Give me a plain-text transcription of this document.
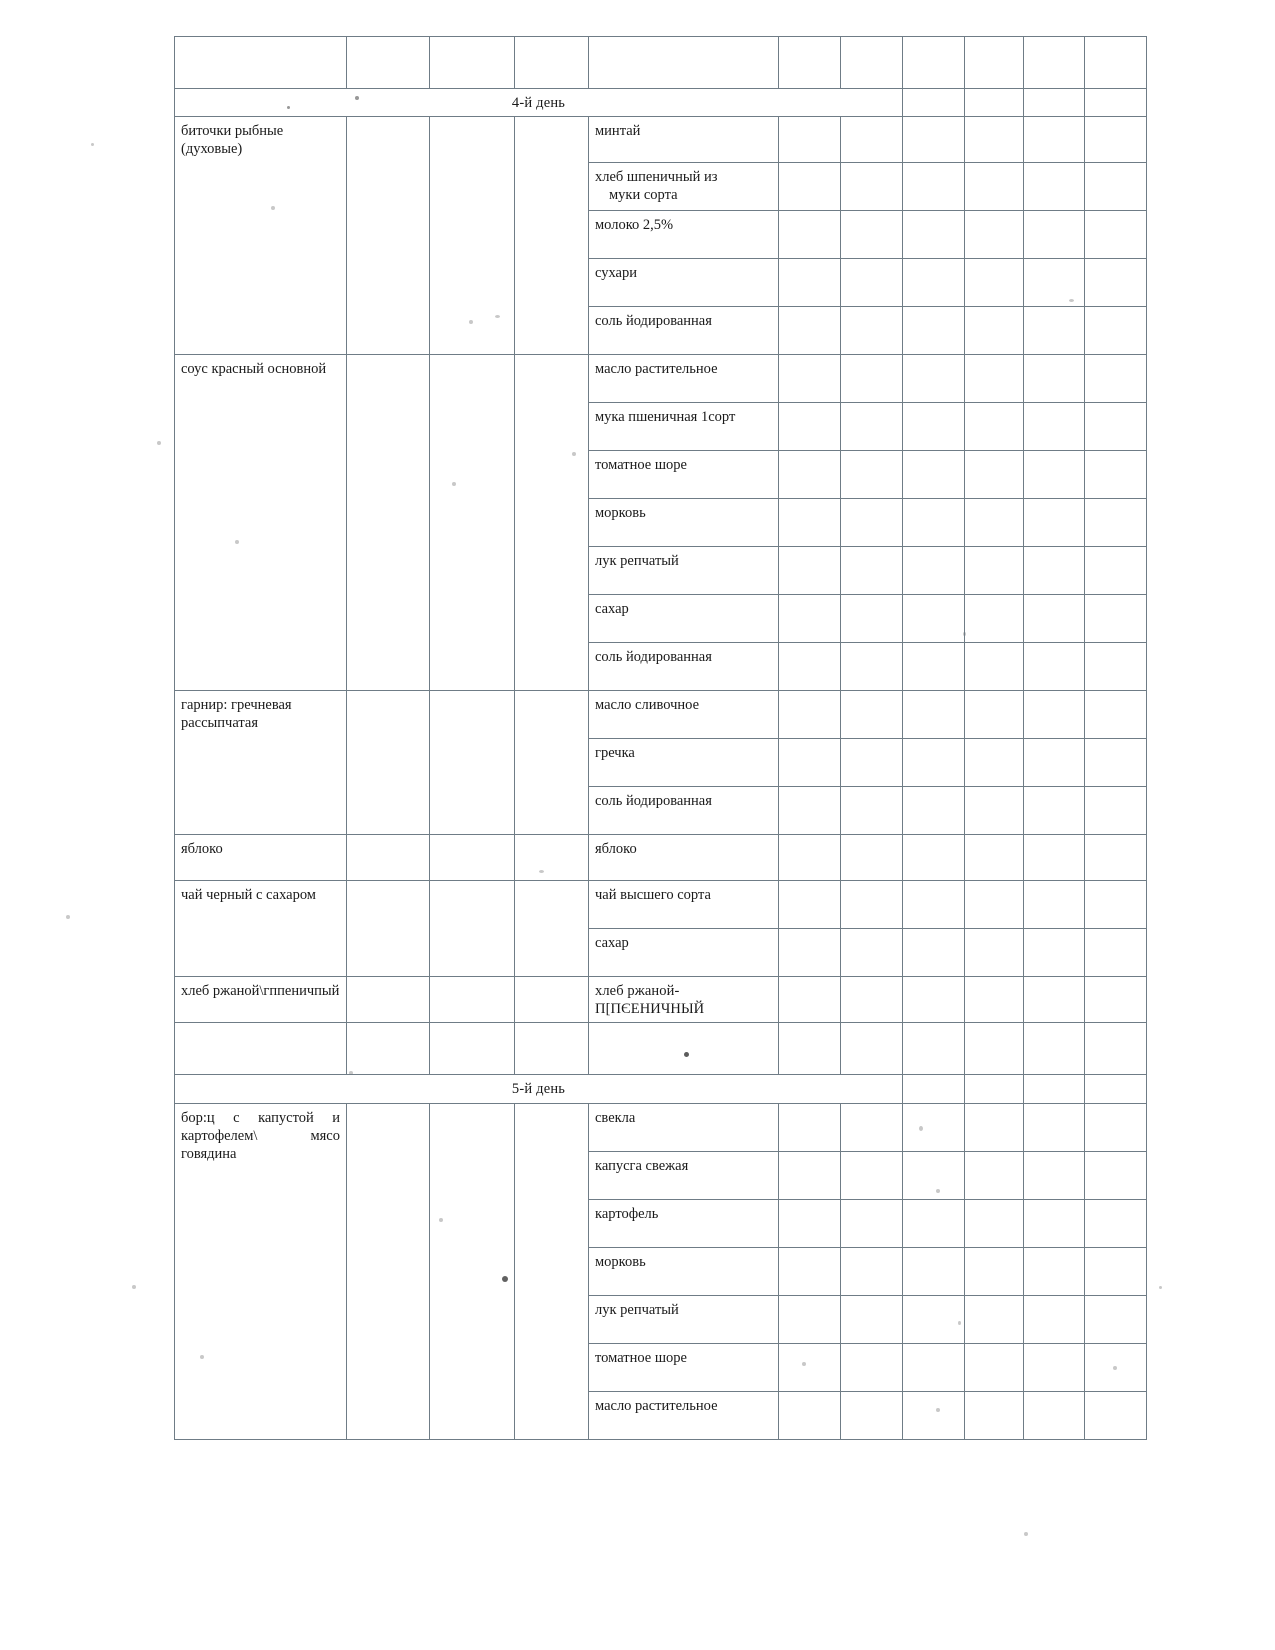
4-й день										
биточки рыбные (духовые)				минтай						
				хлеб шпеничный из
муки сорта						

				молоко 2,5%						
				сухари						
				соль йодированная						
соус красный основной				масло растительное						
				мука пшеничная 1сорт						
				томатное шоре						
				морковь						
				лук репчатый						
				сахар						
				соль йодированная						
гарнир: гречневая рассыпчатая				масло сливочное						
				гречка						
				соль йодированная						
яблоко				яблоко						
чай черный с сахаром				чай высшего сорта						
				сахар						
хлеб ржаной\гппеничпый				хлеб ржаной-П[ПЄЕНИЧНЫЙ						

5-й день										
бор:ц с капустой и картофелем\ мясо говядина				свекла						
				капусга свежая						
				картофель						
				морковь						
				лук репчатый						
				томатное шоре						
				масло растительное						
